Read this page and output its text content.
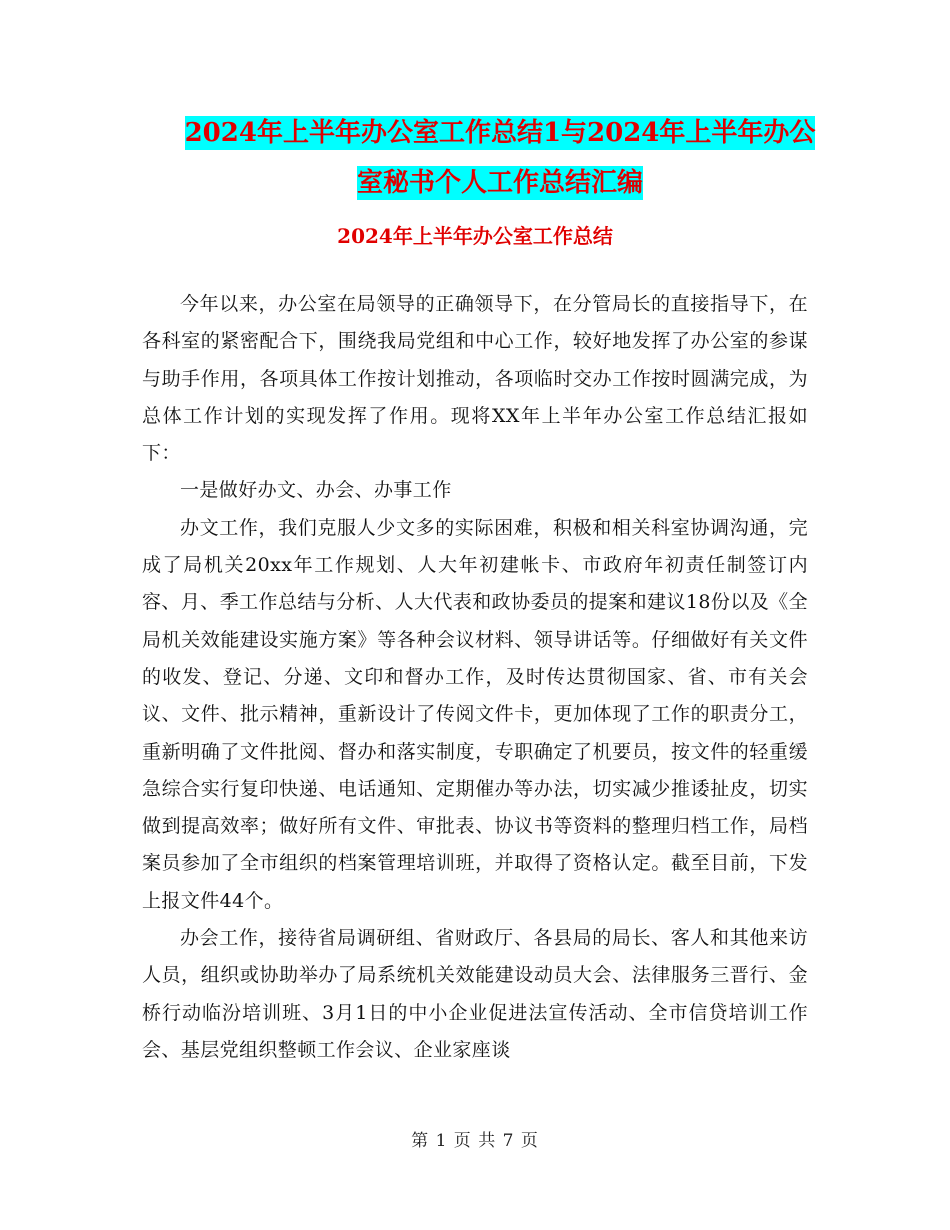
2024年上半年办公室工作总结1与2024年上半年办公
室秘书个人工作总结汇编
2024年上半年办公室工作总结

今年以来，办公室在局领导的正确领导下，在分管局长的直接指导下，在各科室的紧密配合下，围绕我局党组和中心工作，较好地发挥了办公室的参谋与助手作用，各项具体工作按计划推动，各项临时交办工作按时圆满完成，为总体工作计划的实现发挥了作用。现将XX年上半年办公室工作总结汇报如下：

一是做好办文、办会、办事工作

办文工作，我们克服人少文多的实际困难，积极和相关科室协调沟通，完成了局机关20xx年工作规划、人大年初建帐卡、市政府年初责任制签订内容、月、季工作总结与分析、人大代表和政协委员的提案和建议18份以及《全局机关效能建设实施方案》等各种会议材料、领导讲话等。仔细做好有关文件的收发、登记、分递、文印和督办工作，及时传达贯彻国家、省、市有关会议、文件、批示精神，重新设计了传阅文件卡，更加体现了工作的职责分工，重新明确了文件批阅、督办和落实制度，专职确定了机要员，按文件的轻重缓急综合实行复印快递、电话通知、定期催办等办法，切实减少推诿扯皮，切实做到提高效率；做好所有文件、审批表、协议书等资料的整理归档工作，局档案员参加了全市组织的档案管理培训班，并取得了资格认定。截至目前，下发上报文件44个。

办会工作，接待省局调研组、省财政厅、各县局的局长、客人和其他来访人员，组织或协助举办了局系统机关效能建设动员大会、法律服务三晋行、金桥行动临汾培训班、3月1日的中小企业促进法宣传活动、全市信贷培训工作会、基层党组织整顿工作会议、企业家座谈

第 1 页 共 7 页
